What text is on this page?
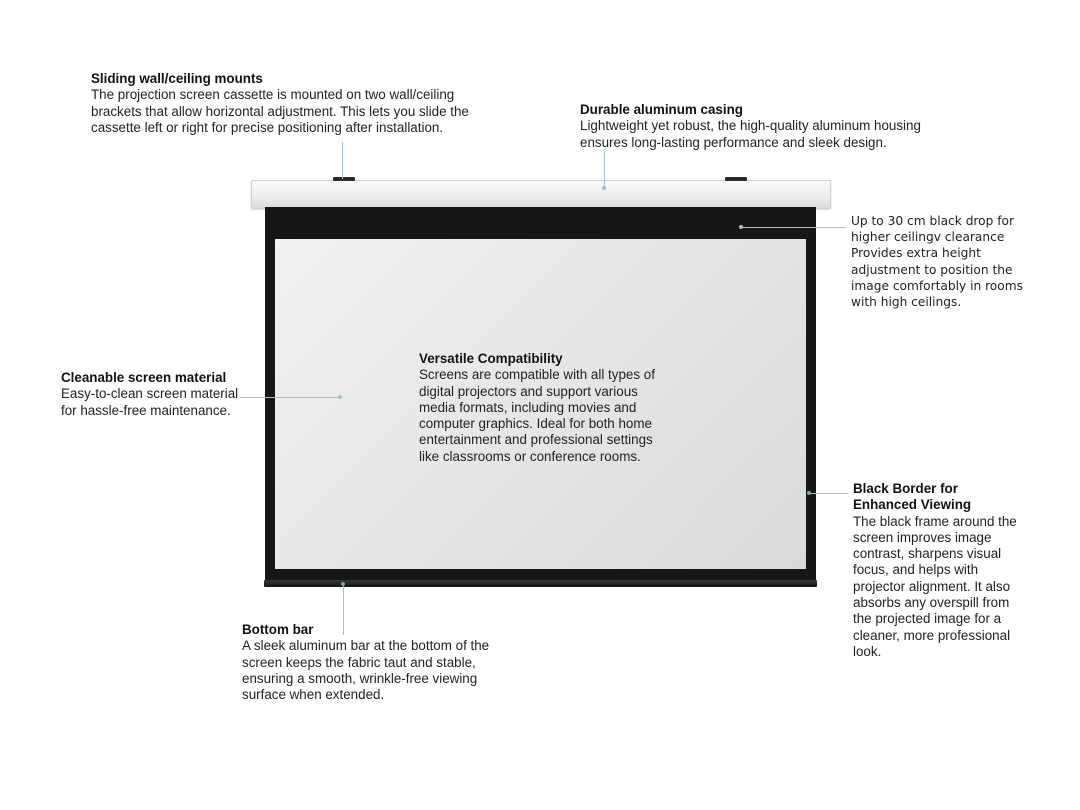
Sliding wall/ceiling mounts
The projection screen cassette is mounted on two wall/ceiling brackets that allow horizontal adjustment. This lets you slide the cassette left or right for precise positioning after installation.
Durable aluminum casing
Lightweight yet robust, the high-quality aluminum housing ensures long-lasting performance and sleek design.
Up to 30 cm black drop for higher ceilingv clearance
Provides extra height adjustment to position the image comfortably in rooms with high ceilings.
Cleanable screen material
Easy-to-clean screen material for hassle-free maintenance.
Versatile Compatibility
Screens are compatible with all types of digital projectors and support various media formats, including movies and computer graphics. Ideal for both home entertainment and professional settings like classrooms or conference rooms.
Black Border for Enhanced Viewing
The black frame around the screen improves image contrast, sharpens visual focus, and helps with projector alignment. It also absorbs any overspill from the projected image for a cleaner, more professional look.
Bottom bar
A sleek aluminum bar at the bottom of the screen keeps the fabric taut and stable, ensuring a smooth, wrinkle-free viewing surface when extended.
